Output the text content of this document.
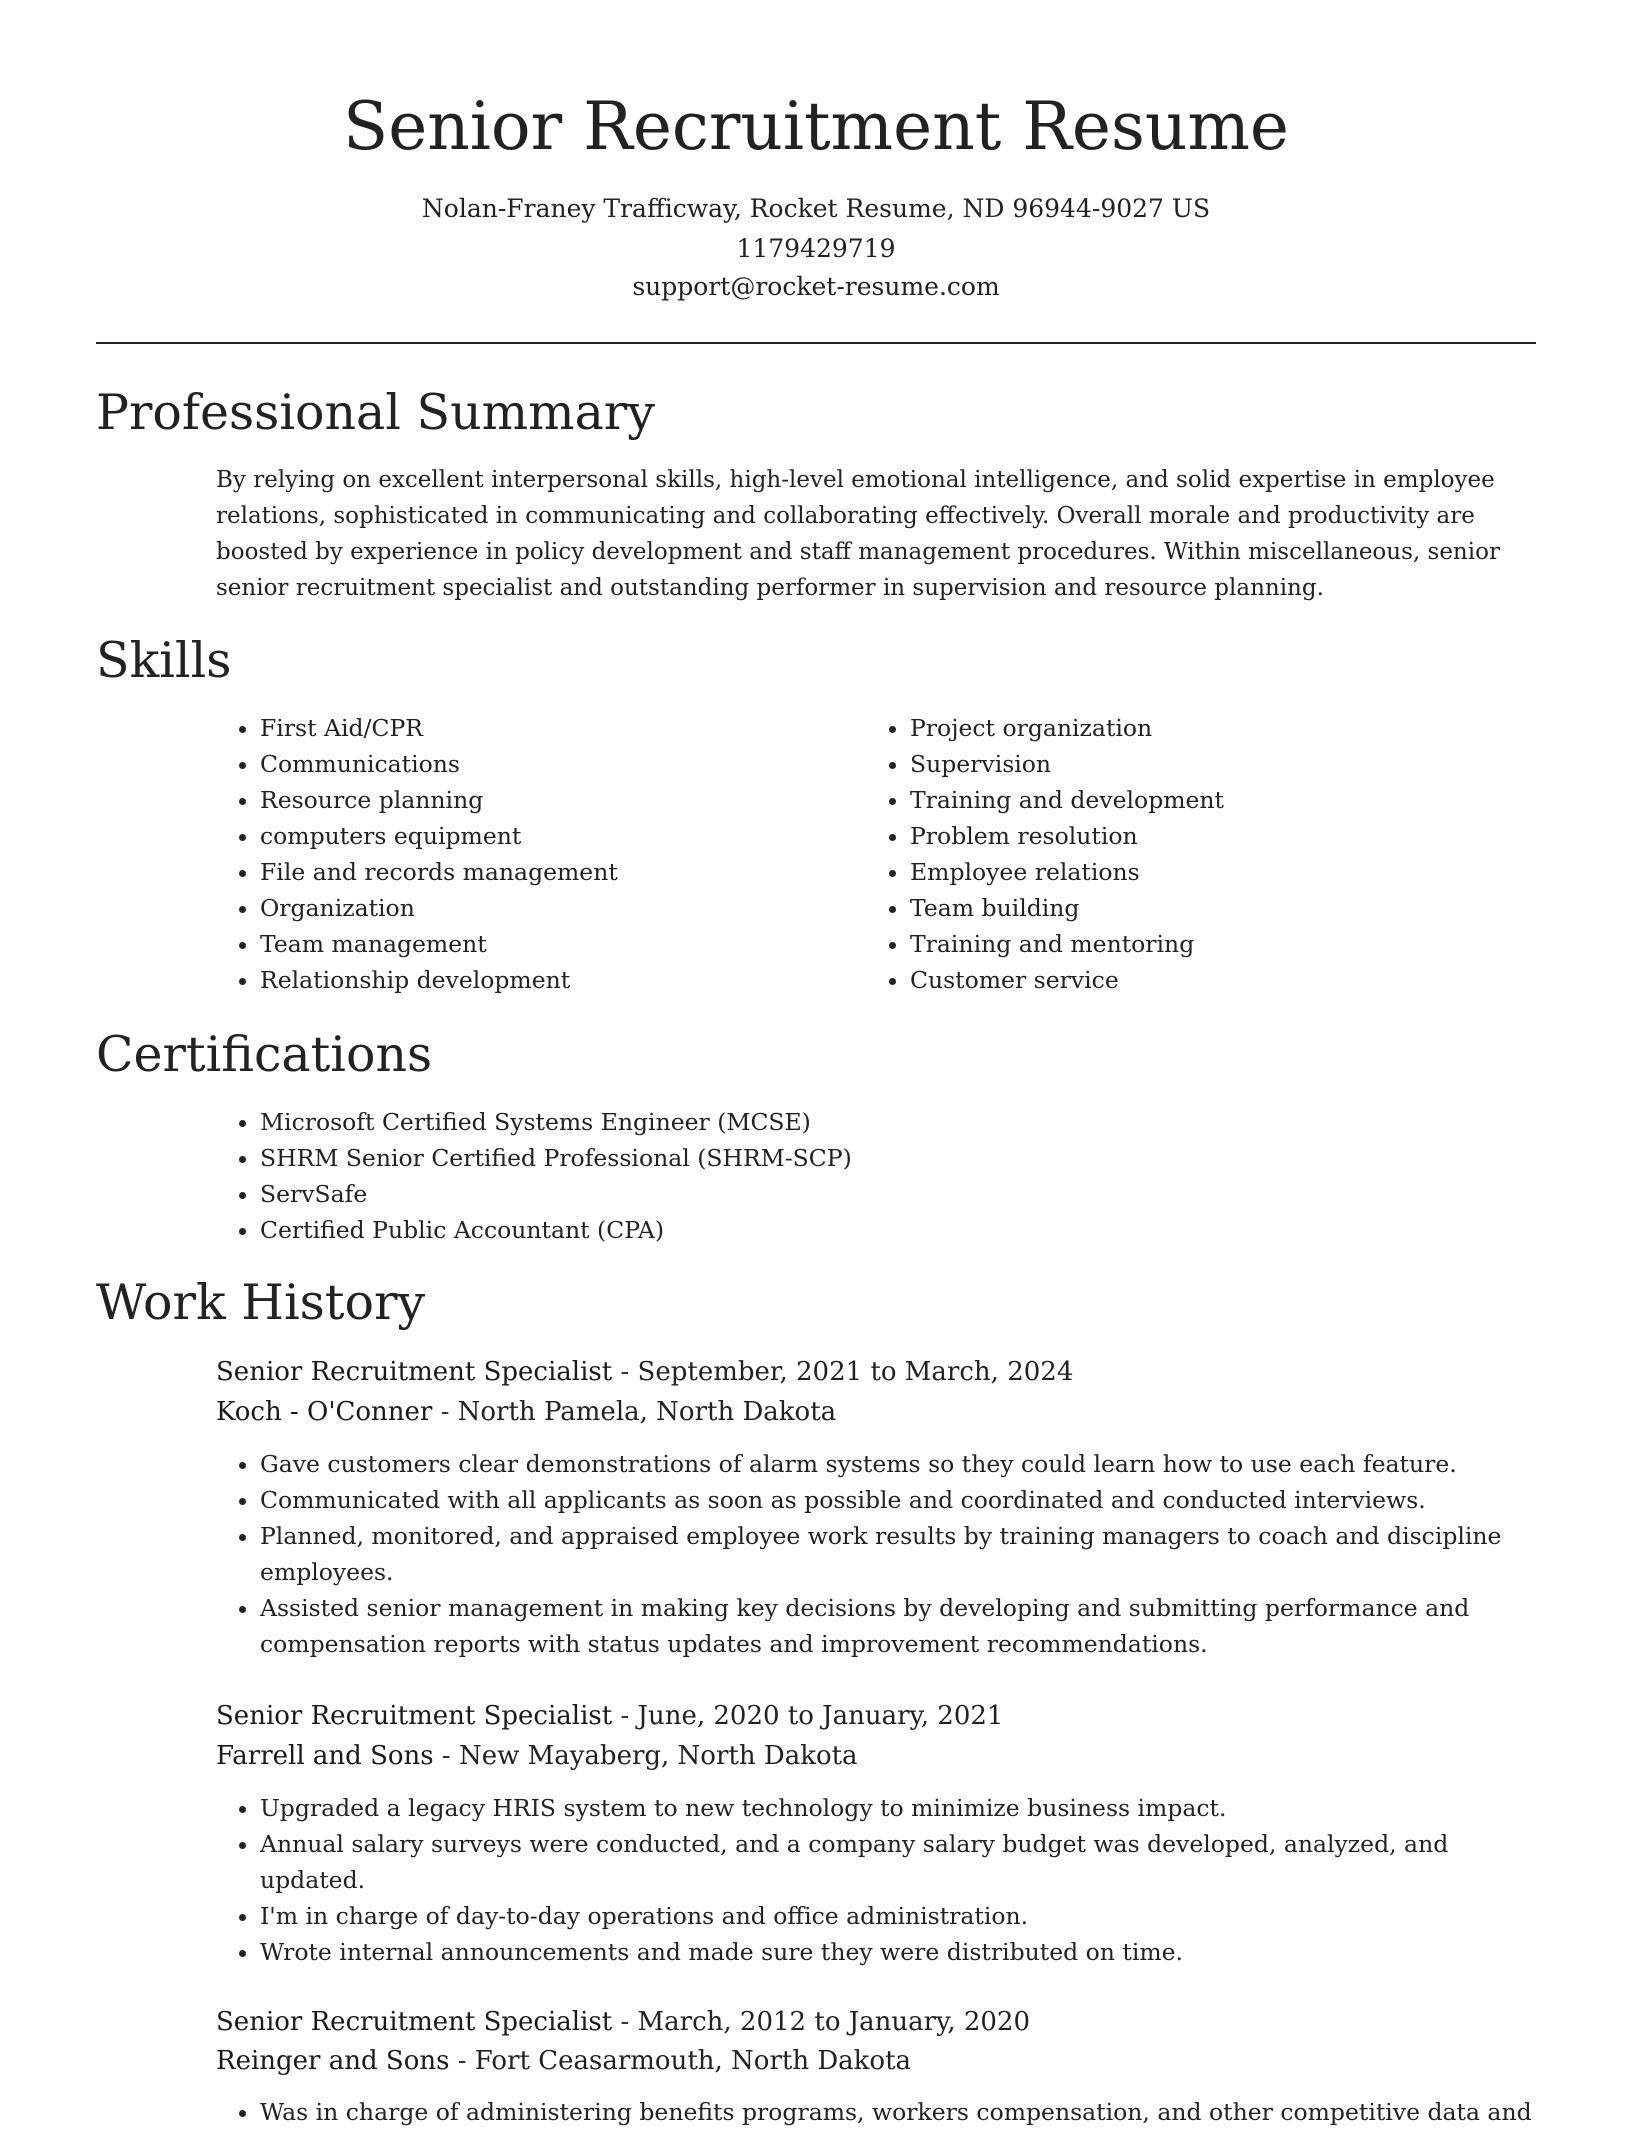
Senior Recruitment Resume
Nolan-Franey Trafficway, Rocket Resume, ND 96944-9027 US
1179429719
support@rocket-resume.com
Professional Summary
By relying on excellent interpersonal skills, high-level emotional intelligence, and solid expertise in employee relations, sophisticated in communicating and collaborating effectively. Overall morale and productivity are boosted by experience in policy development and staff management procedures. Within miscellaneous, senior senior recruitment specialist and outstanding performer in supervision and resource planning.
Skills
• First Aid/CPR
• Communications
• Resource planning
• computers equipment
• File and records management
• Organization
• Team management
• Relationship development
• Project organization
• Supervision
• Training and development
• Problem resolution
• Employee relations
• Team building
• Training and mentoring
• Customer service
Certifications
• Microsoft Certified Systems Engineer (MCSE)
• SHRM Senior Certified Professional (SHRM-SCP)
• ServSafe
• Certified Public Accountant (CPA)
Work History
Senior Recruitment Specialist - September, 2021 to March, 2024
Koch - O'Conner - North Pamela, North Dakota
• Gave customers clear demonstrations of alarm systems so they could learn how to use each feature.
• Communicated with all applicants as soon as possible and coordinated and conducted interviews.
• Planned, monitored, and appraised employee work results by training managers to coach and discipline employees.
• Assisted senior management in making key decisions by developing and submitting performance and compensation reports with status updates and improvement recommendations.
Senior Recruitment Specialist - June, 2020 to January, 2021
Farrell and Sons - New Mayaberg, North Dakota
• Upgraded a legacy HRIS system to new technology to minimize business impact.
• Annual salary surveys were conducted, and a company salary budget was developed, analyzed, and updated.
• I'm in charge of day-to-day operations and office administration.
• Wrote internal announcements and made sure they were distributed on time.
Senior Recruitment Specialist - March, 2012 to January, 2020
Reinger and Sons - Fort Ceasarmouth, North Dakota
• Was in charge of administering benefits programs, workers compensation, and other competitive data and
